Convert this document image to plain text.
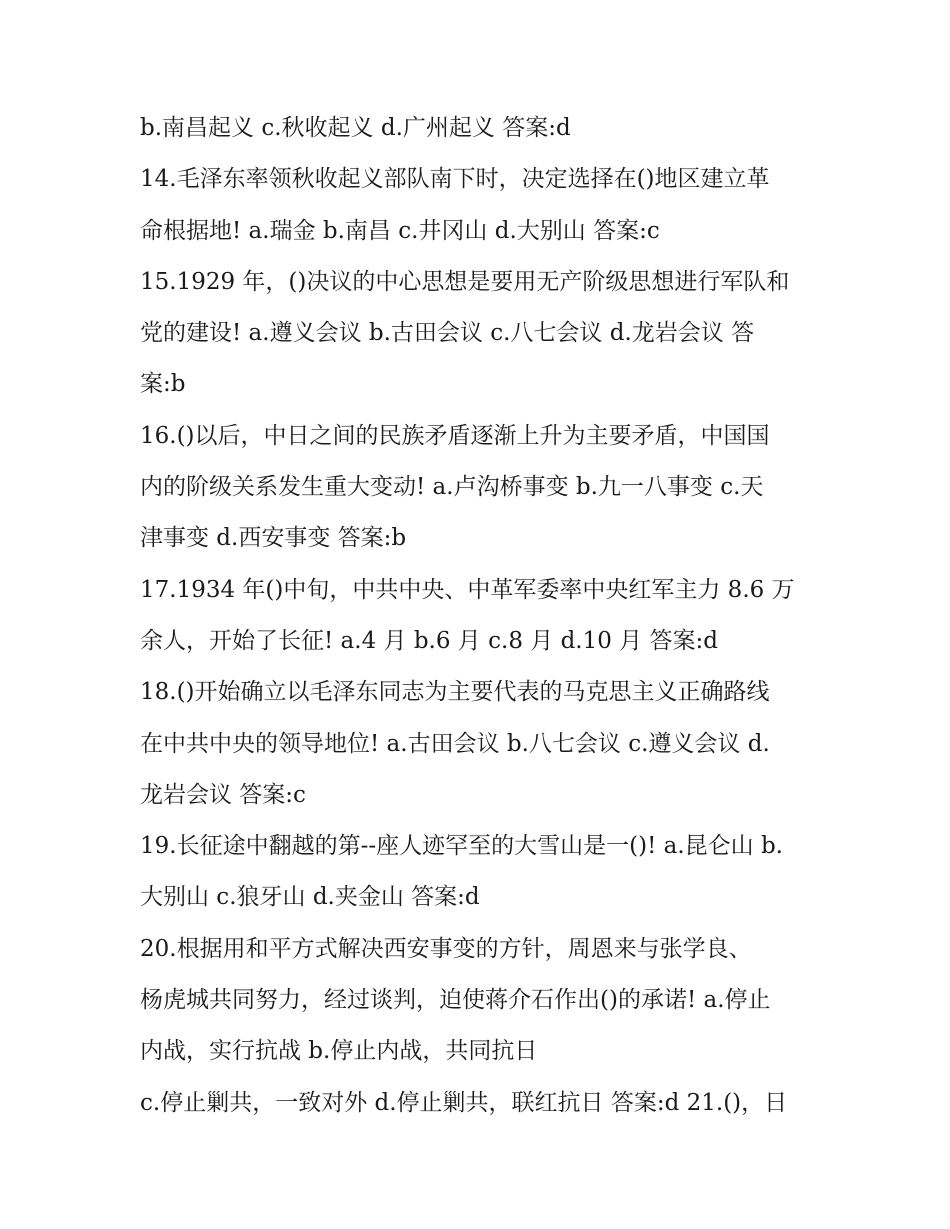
b.南昌起义 c.秋收起义 d.广州起义 答案:d
14.毛泽东率领秋收起义部队南下时，决定选择在()地区建立革
命根据地! a.瑞金 b.南昌 c.井冈山 d.大别山 答案:c
15.1929 年，()决议的中心思想是要用无产阶级思想进行军队和
党的建设! a.遵义会议 b.古田会议 c.八七会议 d.龙岩会议 答
案:b
16.()以后，中日之间的民族矛盾逐渐上升为主要矛盾，中国国
内的阶级关系发生重大变动! a.卢沟桥事变 b.九一八事变 c.天
津事变 d.西安事变 答案:b
17.1934 年()中旬，中共中央、中革军委率中央红军主力 8.6 万
余人，开始了长征! a.4 月 b.6 月 c.8 月 d.10 月 答案:d
18.()开始确立以毛泽东同志为主要代表的马克思主义正确路线
在中共中央的领导地位! a.古田会议 b.八七会议 c.遵义会议 d.
龙岩会议 答案:c
19.长征途中翻越的第--座人迹罕至的大雪山是一()! a.昆仑山 b.
大别山 c.狼牙山 d.夹金山 答案:d
20.根据用和平方式解决西安事变的方针，周恩来与张学良、
杨虎城共同努力，经过谈判，迫使蒋介石作出()的承诺! a.停止
内战，实行抗战 b.停止内战，共同抗日
c.停止剿共，一致对外 d.停止剿共，联红抗日 答案:d 21.()，日
